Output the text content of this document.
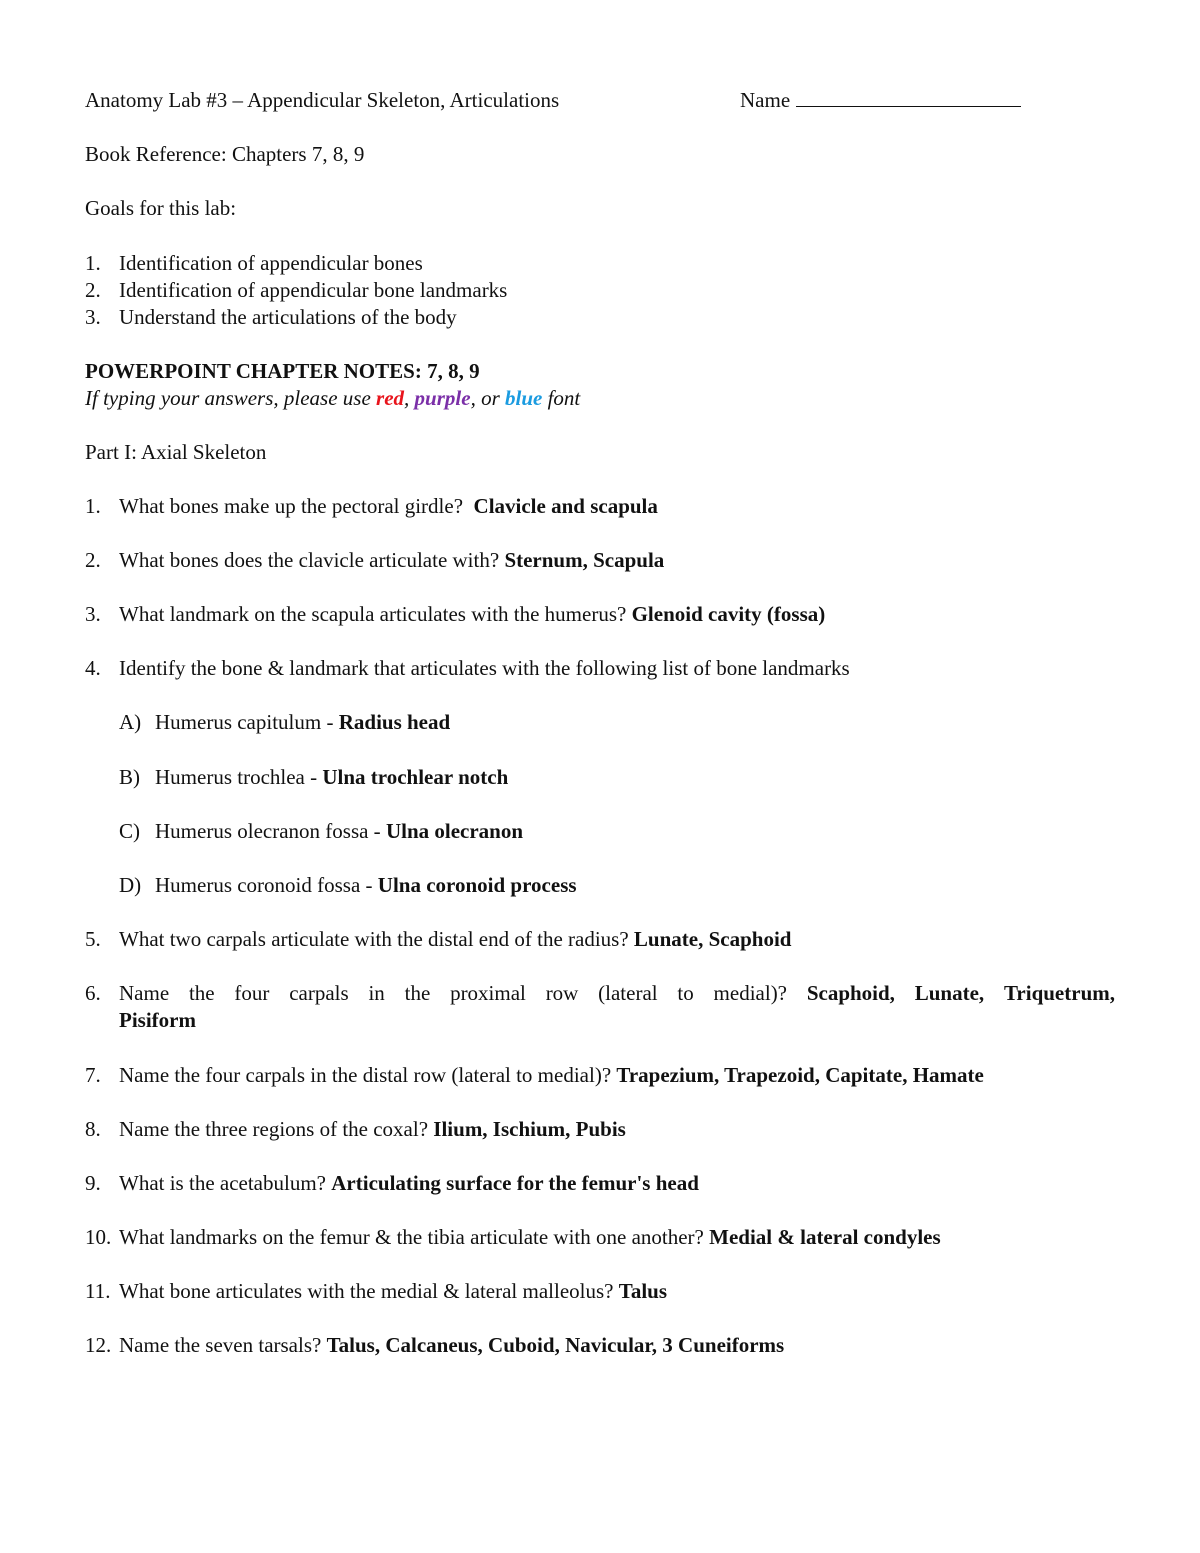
Anatomy Lab #3 – Appendicular Skeleton, Articulations	Name
Book Reference: Chapters 7, 8, 9
Goals for this lab:
1. Identification of appendicular bones
2. Identification of appendicular bone landmarks
3. Understand the articulations of the body
POWERPOINT CHAPTER NOTES: 7, 8, 9
If typing your answers, please use red, purple, or blue font
Part I: Axial Skeleton
1. What bones make up the pectoral girdle?  Clavicle and scapula
2. What bones does the clavicle articulate with? Sternum, Scapula
3. What landmark on the scapula articulates with the humerus? Glenoid cavity (fossa)
4. Identify the bone & landmark that articulates with the following list of bone landmarks
A) Humerus capitulum - Radius head
B) Humerus trochlea - Ulna trochlear notch
C) Humerus olecranon fossa - Ulna olecranon
D) Humerus coronoid fossa - Ulna coronoid process
5. What two carpals articulate with the distal end of the radius? Lunate, Scaphoid
6. Name the four carpals in the proximal row (lateral to medial)? Scaphoid, Lunate, Triquetrum,
Pisiform
7. Name the four carpals in the distal row (lateral to medial)? Trapezium, Trapezoid, Capitate, Hamate
8. Name the three regions of the coxal? Ilium, Ischium, Pubis
9. What is the acetabulum? Articulating surface for the femur's head
10. What landmarks on the femur & the tibia articulate with one another? Medial & lateral condyles
11. What bone articulates with the medial & lateral malleolus? Talus
12. Name the seven tarsals? Talus, Calcaneus, Cuboid, Navicular, 3 Cuneiforms
